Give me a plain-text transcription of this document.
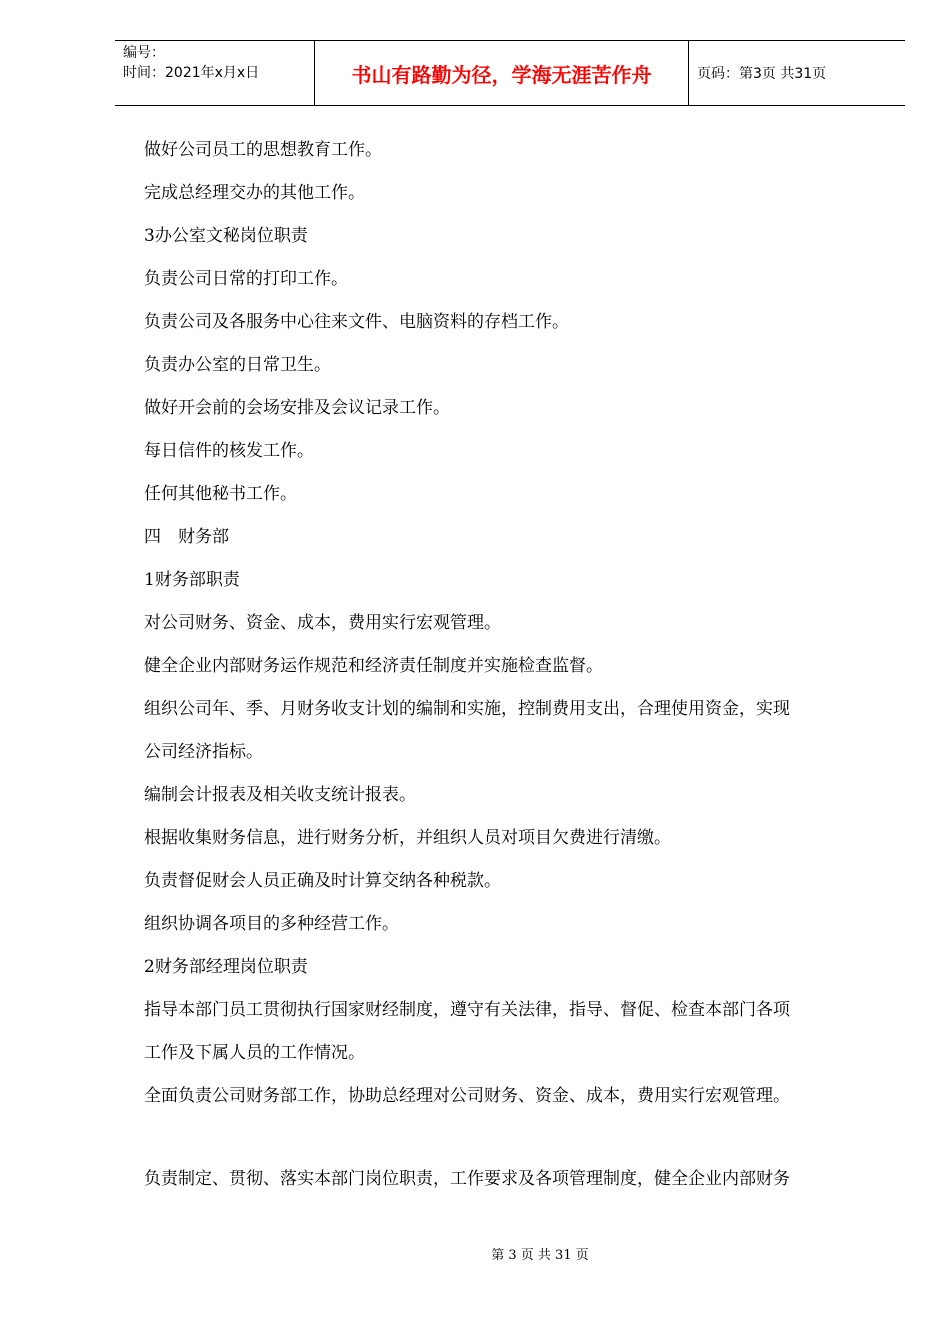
编号：
时间：2021年x月x日	书山有路勤为径，学海无涯苦作舟	页码：第3页 共31页
做好公司员工的思想教育工作。
完成总经理交办的其他工作。
3办公室文秘岗位职责
负责公司日常的打印工作。
负责公司及各服务中心往来文件、电脑资料的存档工作。
负责办公室的日常卫生。
做好开会前的会场安排及会议记录工作。
每日信件的核发工作。
任何其他秘书工作。
四　财务部
1财务部职责
对公司财务、资金、成本，费用实行宏观管理。
健全企业内部财务运作规范和经济责任制度并实施检查监督。
组织公司年、季、月财务收支计划的编制和实施，控制费用支出，合理使用资金，实现
公司经济指标。
编制会计报表及相关收支统计报表。
根据收集财务信息，进行财务分析，并组织人员对项目欠费进行清缴。
负责督促财会人员正确及时计算交纳各种税款。
组织协调各项目的多种经营工作。
2财务部经理岗位职责
指导本部门员工贯彻执行国家财经制度，遵守有关法律，指导、督促、检查本部门各项
工作及下属人员的工作情况。
全面负责公司财务部工作，协助总经理对公司财务、资金、成本，费用实行宏观管理。
负责制定、贯彻、落实本部门岗位职责，工作要求及各项管理制度，健全企业内部财务
第 3 页 共 31 页
